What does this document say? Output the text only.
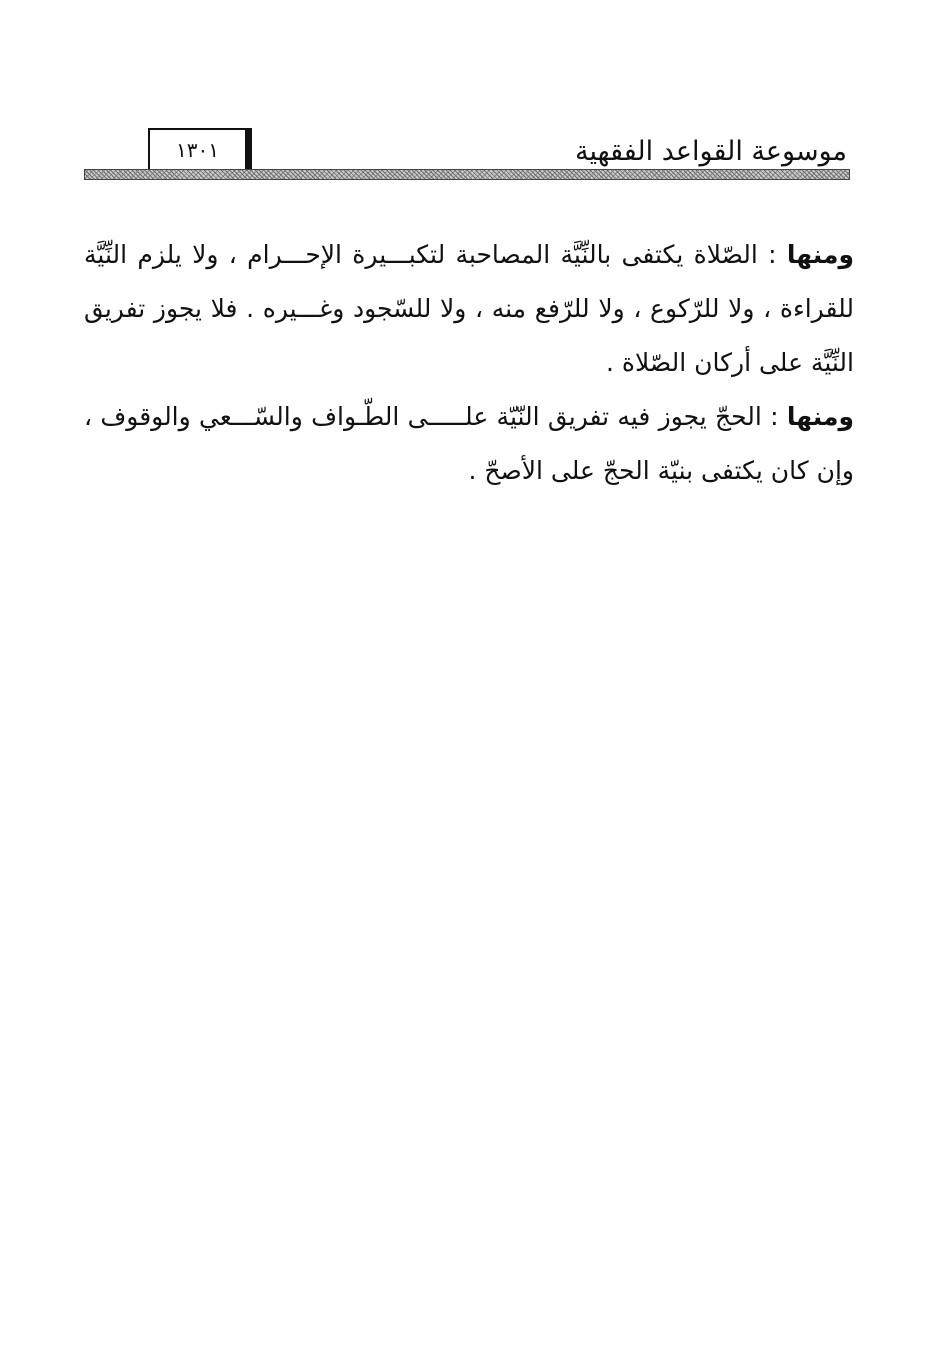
موسوعة القواعد الفقهية
١٣٠١

ومنها : الصّلاة يكتفى بالنِّيَّة المصاحبة لتكبـــيرة الإحـــرام ، ولا يلزم النِّيَّة للقراءة ، ولا للرّكوع ، ولا للرّفع منه ، ولا للسّجود وغـــيره . فلا يجوز تفريق النِّيَّة على أركان الصّلاة .

ومنها : الحجّ يجوز فيه تفريق النّيّة علـــــى الطّـواف والسّـــعي والوقوف ، وإن كان يكتفى بنيّة الحجّ على الأصحّ .
